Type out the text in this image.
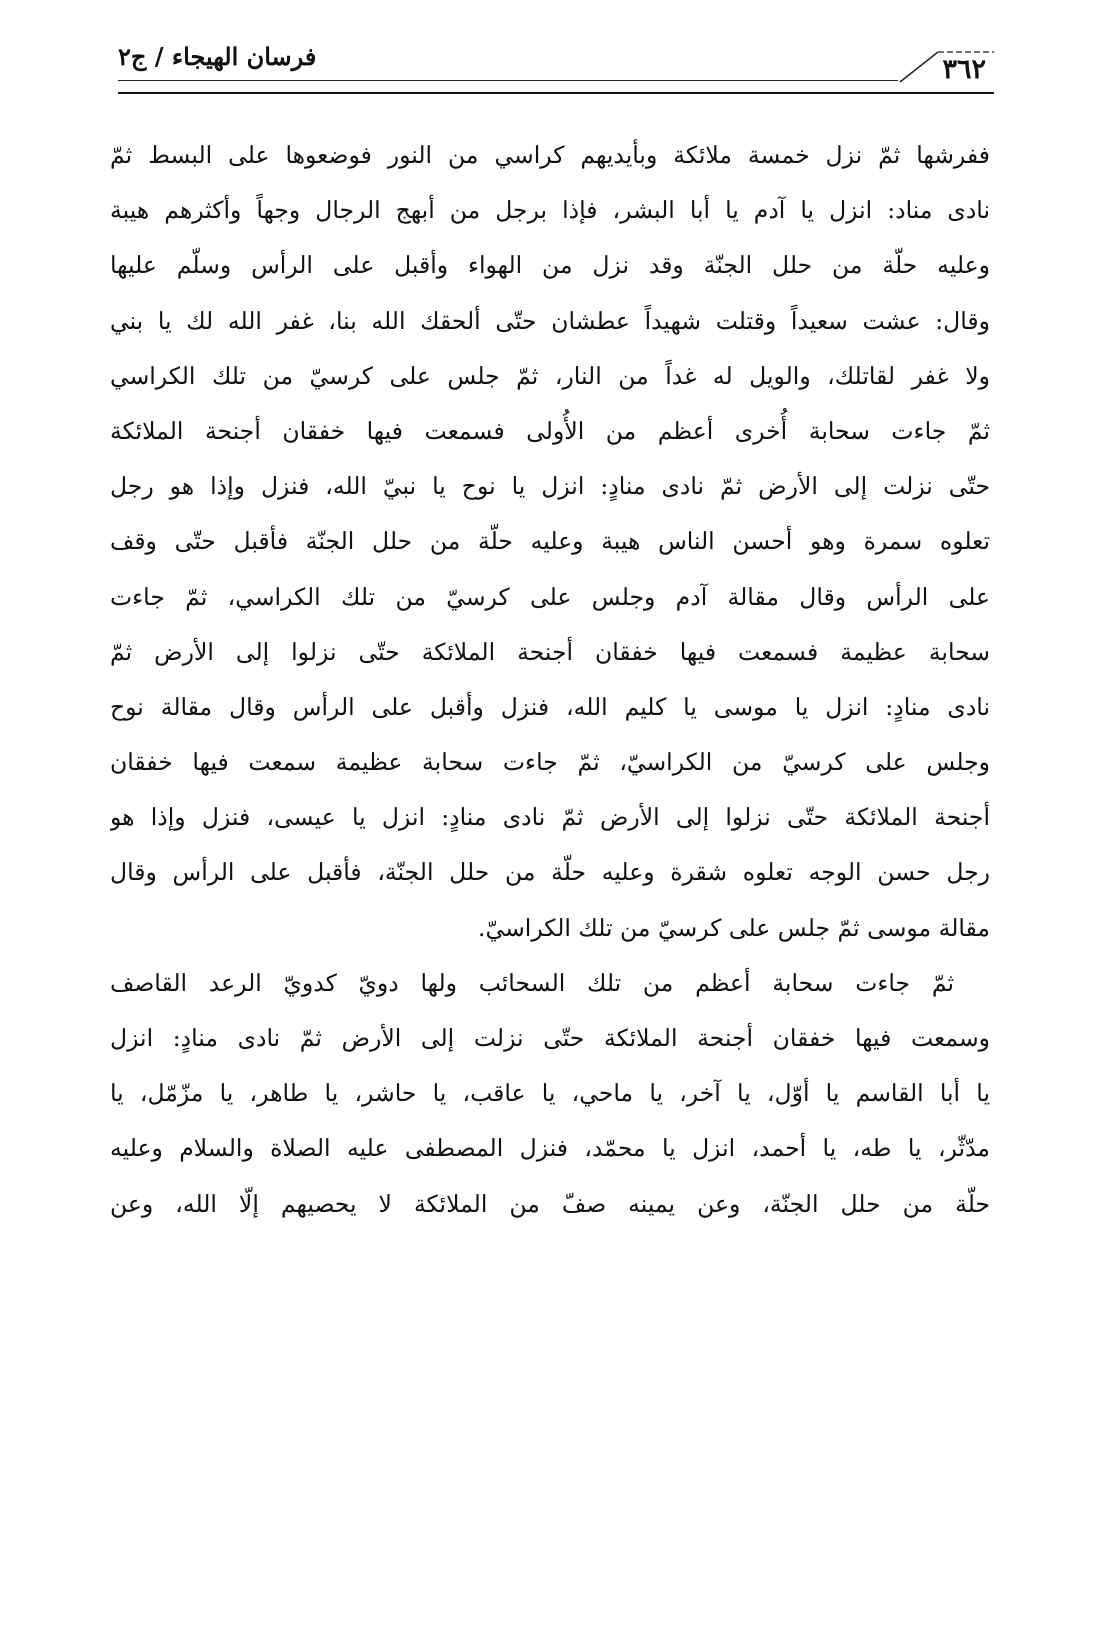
فرسان الهيجاء / ج٢	٣٦٢
ففرشها ثمّ نزل خمسة ملائكة وبأيديهم كراسي من النور فوضعوها على البسط ثمّ
نادى مناد: انزل يا آدم يا أبا البشر، فإذا برجل من أبهج الرجال وجهاً وأكثرهم هيبة
وعليه حلّة من حلل الجنّة وقد نزل من الهواء وأقبل على الرأس وسلّم عليها
وقال: عشت سعيداً وقتلت شهيداً عطشان حتّى ألحقك الله بنا، غفر الله لك يا بني
ولا غفر لقاتلك، والويل له غداً من النار، ثمّ جلس على كرسيّ من تلك الكراسي
ثمّ جاءت سحابة أُخرى أعظم من الأُولى فسمعت فيها خفقان أجنحة الملائكة
حتّى نزلت إلى الأرض ثمّ نادى منادٍ: انزل يا نوح يا نبيّ الله، فنزل وإذا هو رجل
تعلوه سمرة وهو أحسن الناس هيبة وعليه حلّة من حلل الجنّة فأقبل حتّى وقف
على الرأس وقال مقالة آدم وجلس على كرسيّ من تلك الكراسي، ثمّ جاءت
سحابة عظيمة فسمعت فيها خفقان أجنحة الملائكة حتّى نزلوا إلى الأرض ثمّ
نادى منادٍ: انزل يا موسى يا كليم الله، فنزل وأقبل على الرأس وقال مقالة نوح
وجلس على كرسيّ من الكراسيّ، ثمّ جاءت سحابة عظيمة سمعت فيها خفقان
أجنحة الملائكة حتّى نزلوا إلى الأرض ثمّ نادى منادٍ: انزل يا عيسى، فنزل وإذا هو
رجل حسن الوجه تعلوه شقرة وعليه حلّة من حلل الجنّة، فأقبل على الرأس وقال
مقالة موسى ثمّ جلس على كرسيّ من تلك الكراسيّ.
ثمّ جاءت سحابة أعظم من تلك السحائب ولها دويّ كدويّ الرعد القاصف
وسمعت فيها خفقان أجنحة الملائكة حتّى نزلت إلى الأرض ثمّ نادى منادٍ: انزل
يا أبا القاسم يا أوّل، يا آخر، يا ماحي، يا عاقب، يا حاشر، يا طاهر، يا مزّمّل، يا
مدّثّر، يا طه، يا أحمد، انزل يا محمّد، فنزل المصطفى عليه الصلاة والسلام وعليه
حلّة من حلل الجنّة، وعن يمينه صفّ من الملائكة لا يحصيهم إلّا الله، وعن
